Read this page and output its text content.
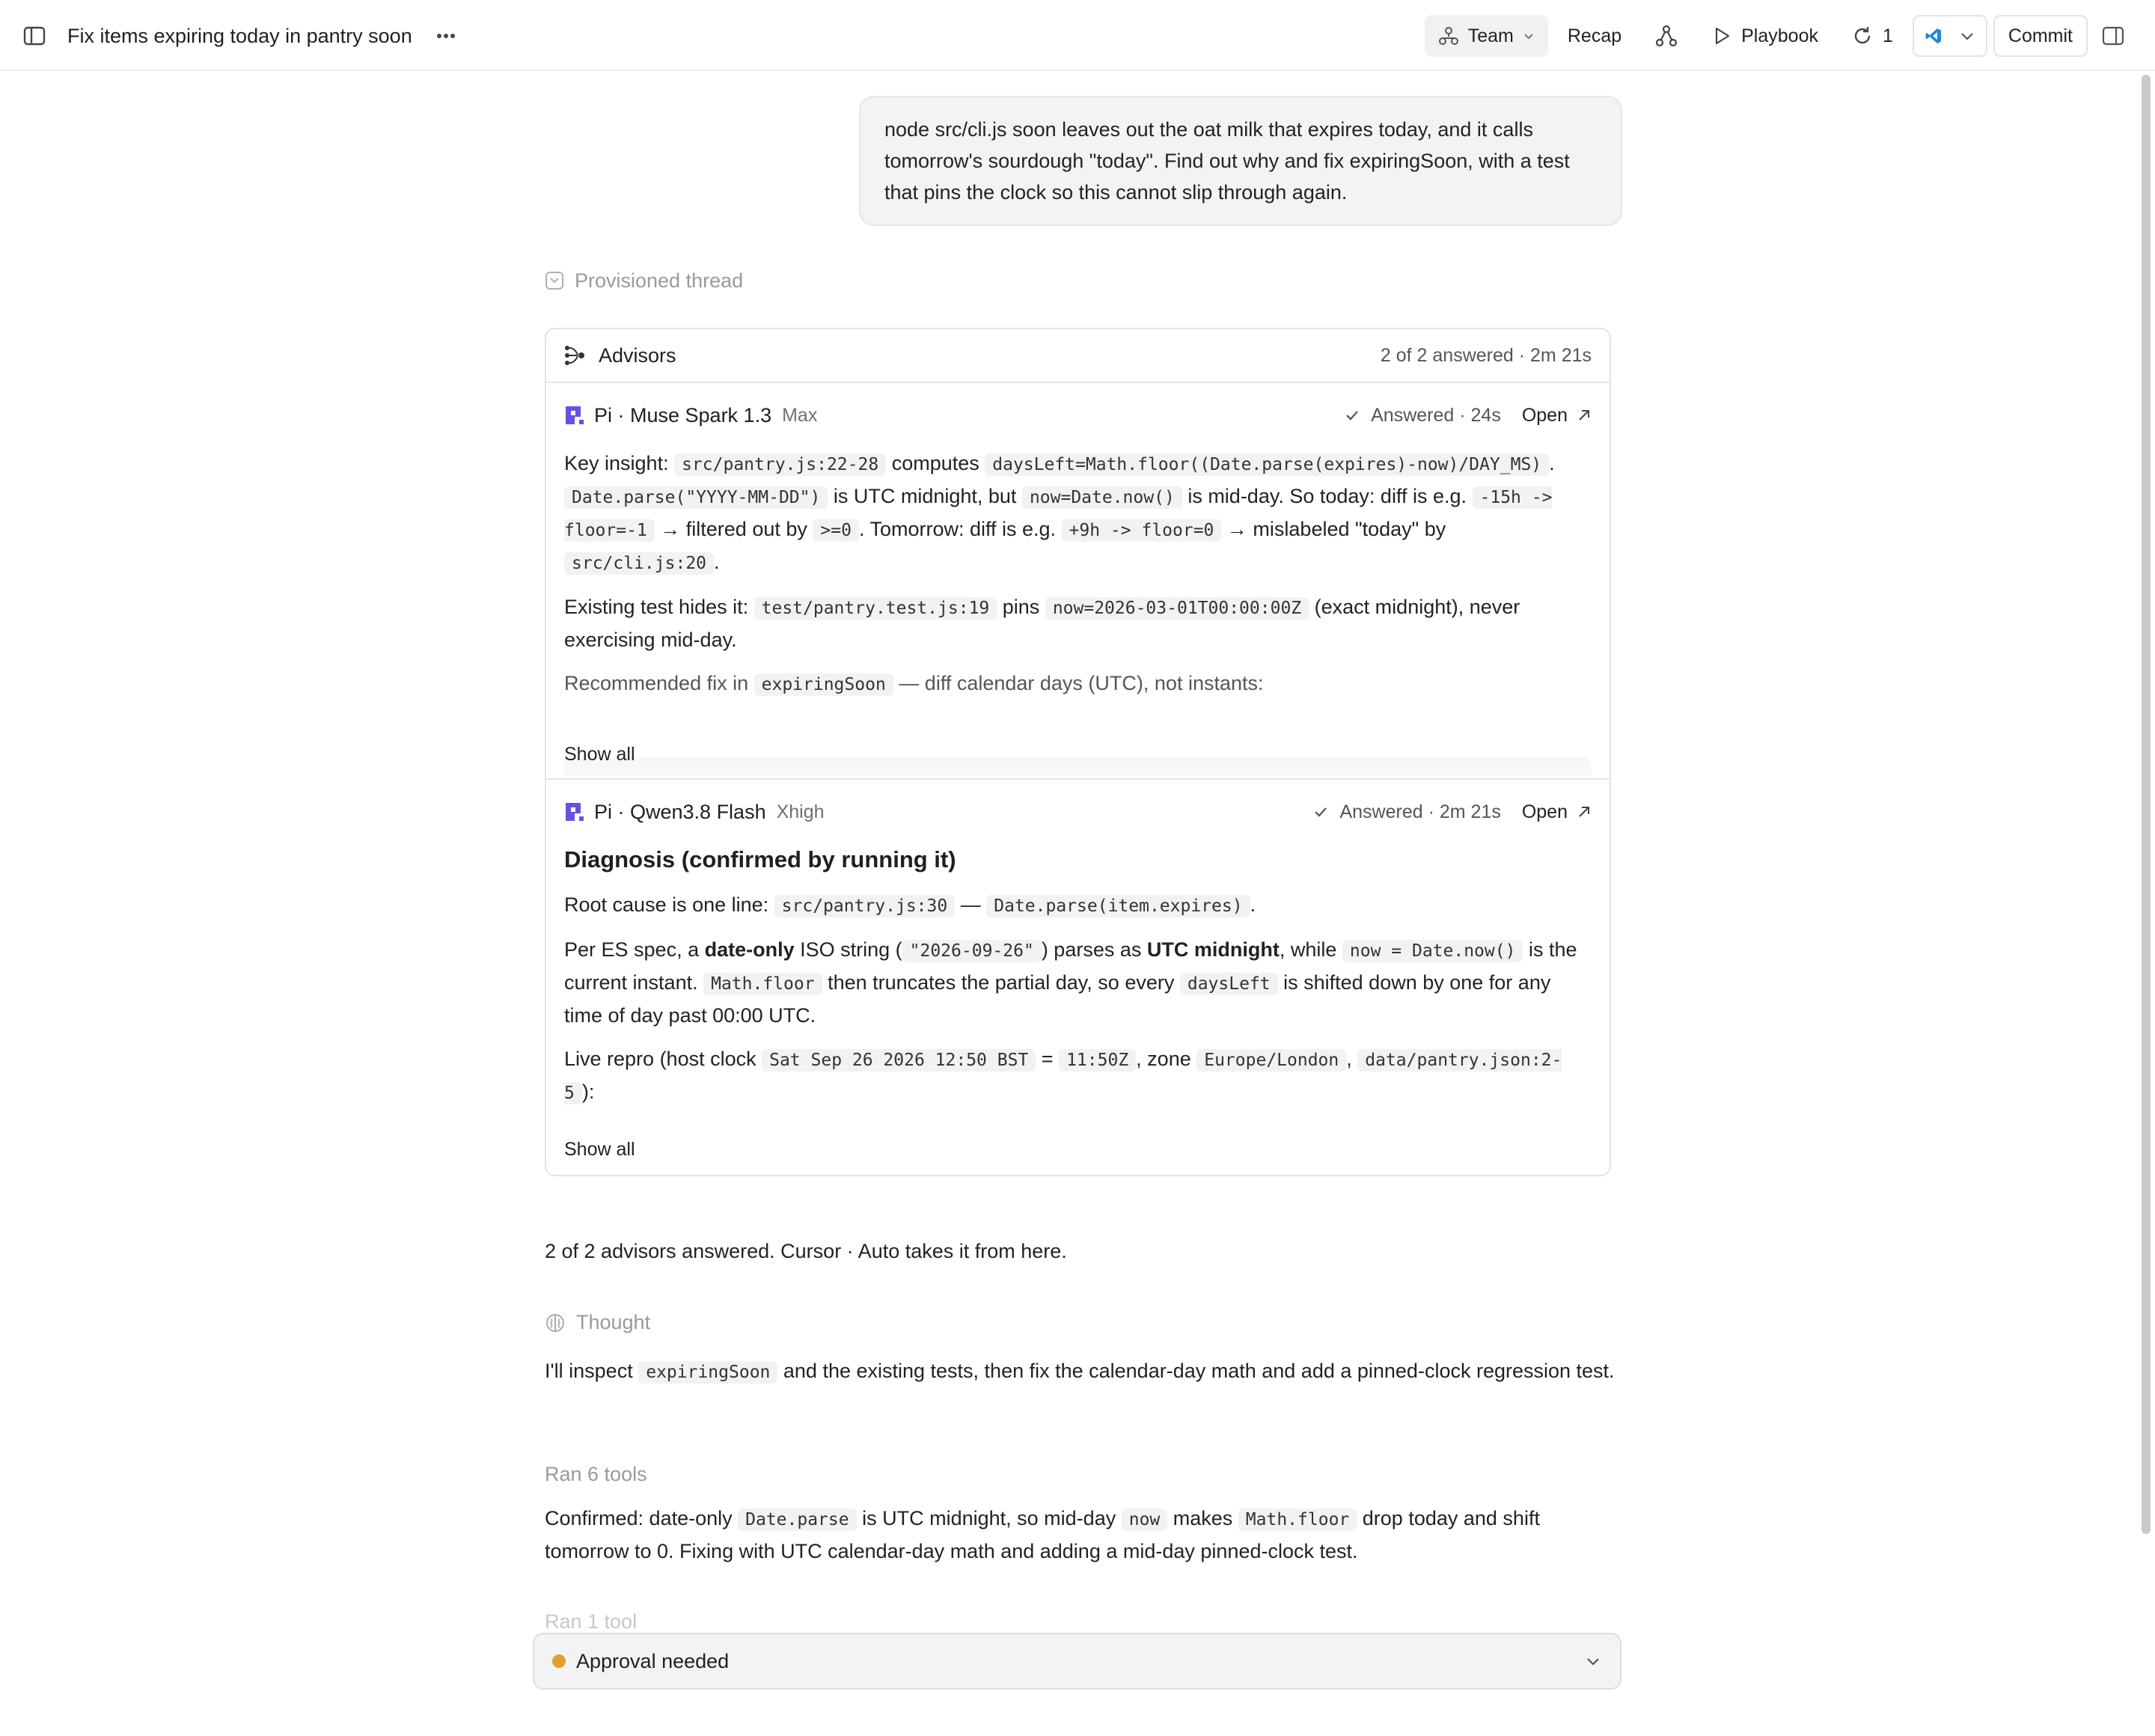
Fix items expiring today in pantry soon	Team	Recap	Playbook	1	Commit
node src/cli.js soon leaves out the oat milk that expires today, and it calls tomorrow's sourdough "today". Find out why and fix expiringSoon, with a test that pins the clock so this cannot slip through again.
Provisioned thread
Advisors	2 of 2 answered · 2m 21s
Pi · Muse Spark 1.3 Max	Answered · 24s Open

Key insight: src/pantry.js:22-28 computes daysLeft=Math.floor((Date.parse(expires)-now)/DAY_MS) . Date.parse("YYYY-MM-DD") is UTC midnight, but now=Date.now() is mid-day. So today: diff is e.g. -15h -> floor=-1 → filtered out by >=0 . Tomorrow: diff is e.g. +9h -> floor=0 → mislabeled "today" by src/cli.js:20 .

Existing test hides it: test/pantry.test.js:19 pins now=2026-03-01T00:00:00Z (exact midnight), never exercising mid-day.

Recommended fix in expiringSoon — diff calendar days (UTC), not instants:

Show all
Pi · Qwen3.8 Flash Xhigh	Answered · 2m 21s Open
Diagnosis (confirmed by running it)

Root cause is one line: src/pantry.js:30 — Date.parse(item.expires) .

Per ES spec, a date-only ISO string ( "2026-09-26" ) parses as UTC midnight, while now = Date.now() is the current instant. Math.floor then truncates the partial day, so every daysLeft is shifted down by one for any time of day past 00:00 UTC.

Live repro (host clock Sat Sep 26 2026 12:50 BST = 11:50Z , zone Europe/London , data/pantry.json:2-5 ):

Show all
2 of 2 advisors answered. Cursor · Auto takes it from here.
Thought
I'll inspect expiringSoon and the existing tests, then fix the calendar-day math and add a pinned-clock regression test.
Ran 6 tools
Confirmed: date-only Date.parse is UTC midnight, so mid-day now makes Math.floor drop today and shift tomorrow to 0. Fixing with UTC calendar-day math and adding a mid-day pinned-clock test.
Ran 1 tool
Approval needed
